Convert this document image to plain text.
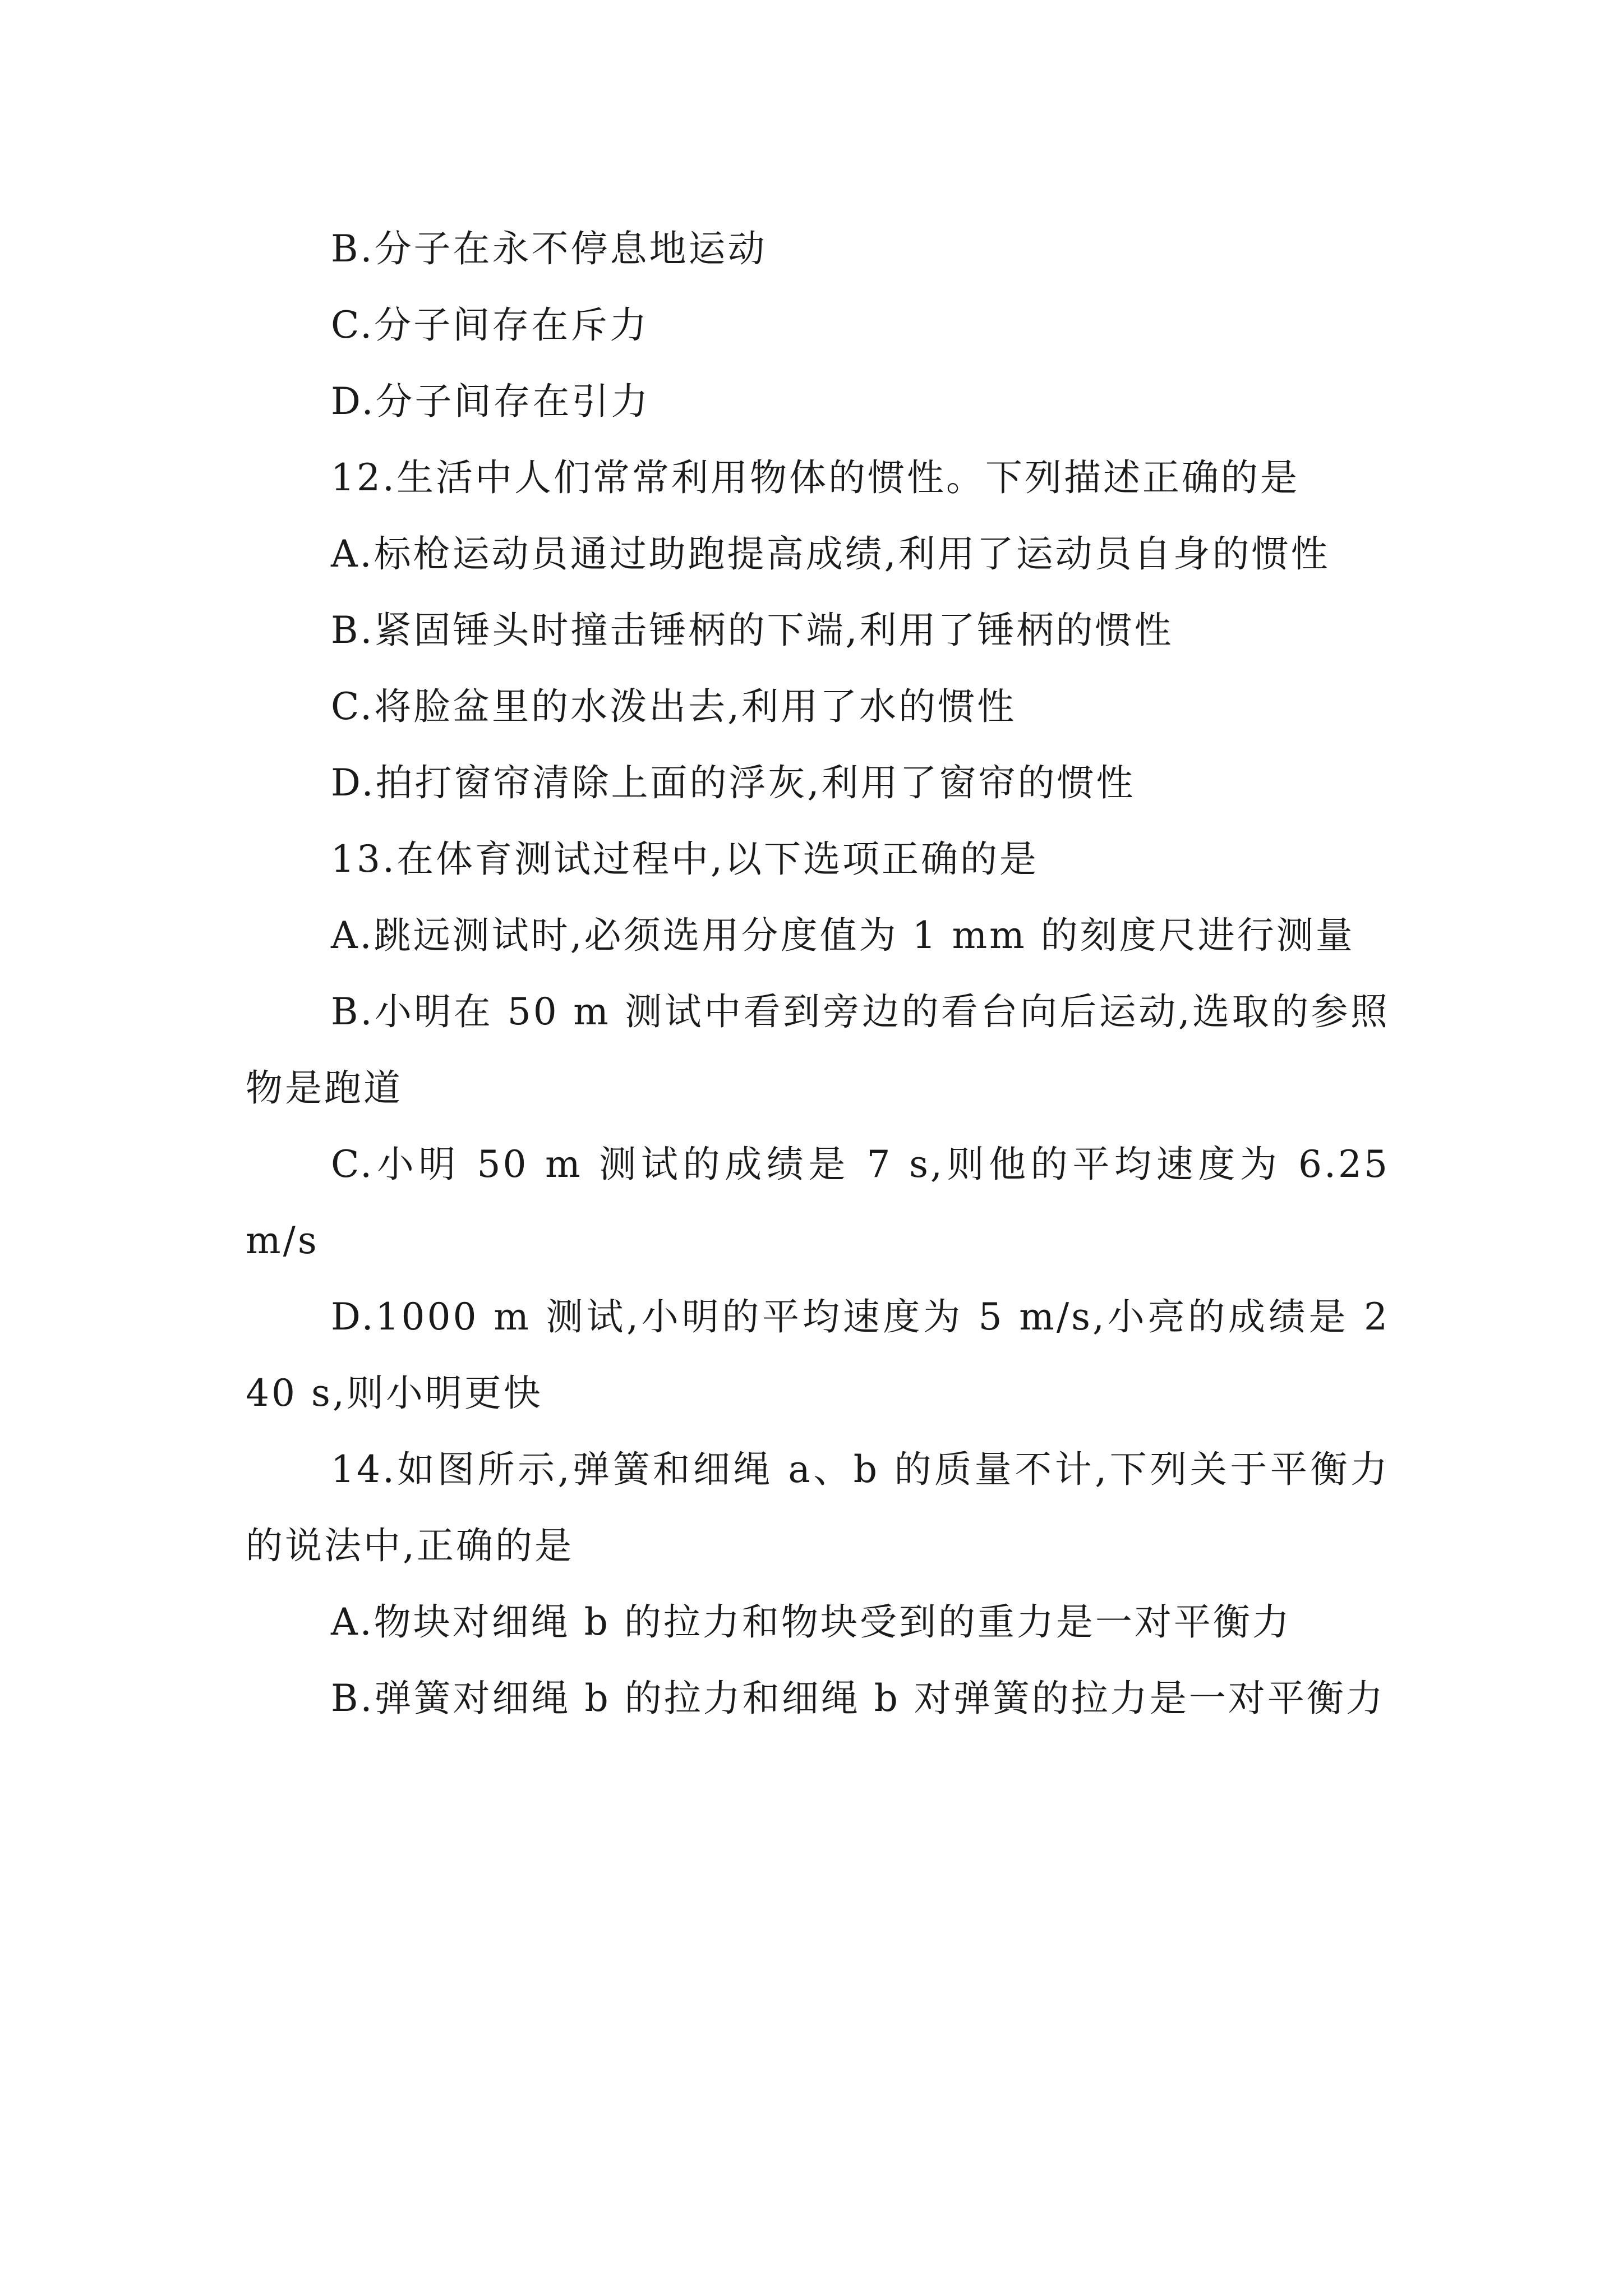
B.分子在永不停息地运动

C.分子间存在斥力

D.分子间存在引力

12.生活中人们常常利用物体的惯性。下列描述正确的是

A.标枪运动员通过助跑提高成绩,利用了运动员自身的惯性

B.紧固锤头时撞击锤柄的下端,利用了锤柄的惯性

C.将脸盆里的水泼出去,利用了水的惯性

D.拍打窗帘清除上面的浮灰,利用了窗帘的惯性

13.在体育测试过程中,以下选项正确的是

A.跳远测试时,必须选用分度值为 1 mm 的刻度尺进行测量

B.小明在 50 m 测试中看到旁边的看台向后运动,选取的参照物是跑道

C.小明 50 m 测试的成绩是 7 s,则他的平均速度为 6.25 m/s

D.1000 m 测试,小明的平均速度为 5 m/s,小亮的成绩是 240 s,则小明更快

14.如图所示,弹簧和细绳 a、b 的质量不计,下列关于平衡力的说法中,正确的是

A.物块对细绳 b 的拉力和物块受到的重力是一对平衡力

B.弹簧对细绳 b 的拉力和细绳 b 对弹簧的拉力是一对平衡力
